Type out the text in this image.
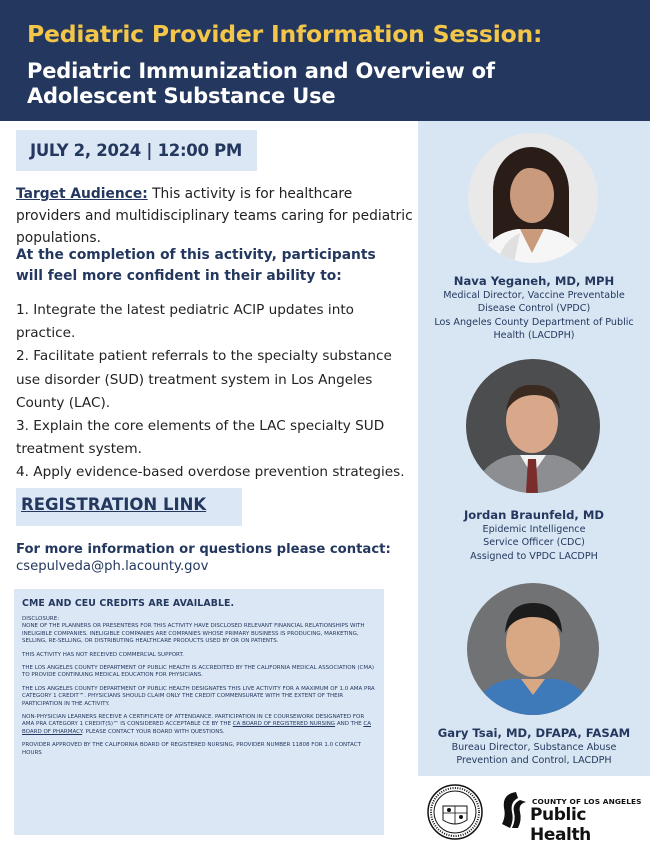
Pediatric Provider Information Session:
Pediatric Immunization and Overview of
Adolescent Substance Use
JULY 2, 2024 | 12:00 PM
Target Audience: This activity is for healthcare providers and multidisciplinary teams caring for pediatric populations.
At the completion of this activity, participants will feel more confident in their ability to:
1. Integrate the latest pediatric ACIP updates into practice.
2. Facilitate patient referrals to the specialty substance use disorder (SUD) treatment system in Los Angeles County (LAC).
3. Explain the core elements of the LAC specialty SUD treatment system.
4. Apply evidence-based overdose prevention strategies.
REGISTRATION LINK
For more information or questions please contact: csepulveda@ph.lacounty.gov
CME AND CEU CREDITS ARE AVAILABLE.

DISCLOSURE:
NONE OF THE PLANNERS OR PRESENTERS FOR THIS ACTIVITY HAVE DISCLOSED RELEVANT FINANCIAL RELATIONSHIPS WITH INELIGIBLE COMPANIES. INELIGIBLE COMPANIES ARE COMPANIES WHOSE PRIMARY BUSINESS IS PRODUCING, MARKETING, SELLING, RE-SELLING, OR DISTRIBUTING HEALTHCARE PRODUCTS USED BY OR ON PATIENTS.

THIS ACTIVITY HAS NOT RECEIVED COMMERCIAL SUPPORT.

THE LOS ANGELES COUNTY DEPARTMENT OF PUBLIC HEALTH IS ACCREDITED BY THE CALIFORNIA MEDICAL ASSOCIATION (CMA) TO PROVIDE CONTINUING MEDICAL EDUCATION FOR PHYSICIANS.

THE LOS ANGELES COUNTY DEPARTMENT OF PUBLIC HEALTH DESIGNATES THIS LIVE ACTIVITY FOR A MAXIMUM OF 1.0 AMA PRA CATEGORY 1 CREDIT™. PHYSICIANS SHOULD CLAIM ONLY THE CREDIT COMMENSURATE WITH THE EXTENT OF THEIR PARTICIPATION IN THE ACTIVITY.

NON-PHYSICIAN LEARNERS RECEIVE A CERTIFICATE OF ATTENDANCE. PARTICIPATION IN CE COURSEWORK DESIGNATED FOR AMA PRA CATEGORY 1 CREDIT(S)™ IS CONSIDERED ACCEPTABLE CE BY THE CA BOARD OF REGISTERED NURSING AND THE CA BOARD OF PHARMACY. PLEASE CONTACT YOUR BOARD WITH QUESTIONS.

PROVIDER APPROVED BY THE CALIFORNIA BOARD OF REGISTERED NURSING, PROVIDER NUMBER 11808 FOR 1.0 CONTACT HOURS

Nava Yeganeh, MD, MPH
Medical Director, Vaccine Preventable
Disease Control (VPDC)
Los Angeles County Department of Public
Health (LACDPH)
Jordan Braunfeld, MD
Epidemic Intelligence
Service Officer (CDC)
Assigned to VPDC LACDPH
Gary Tsai, MD, DFAPA, FASAM
Bureau Director, Substance Abuse
Prevention and Control, LACDPH
COUNTY OF LOS ANGELES
Public Health
